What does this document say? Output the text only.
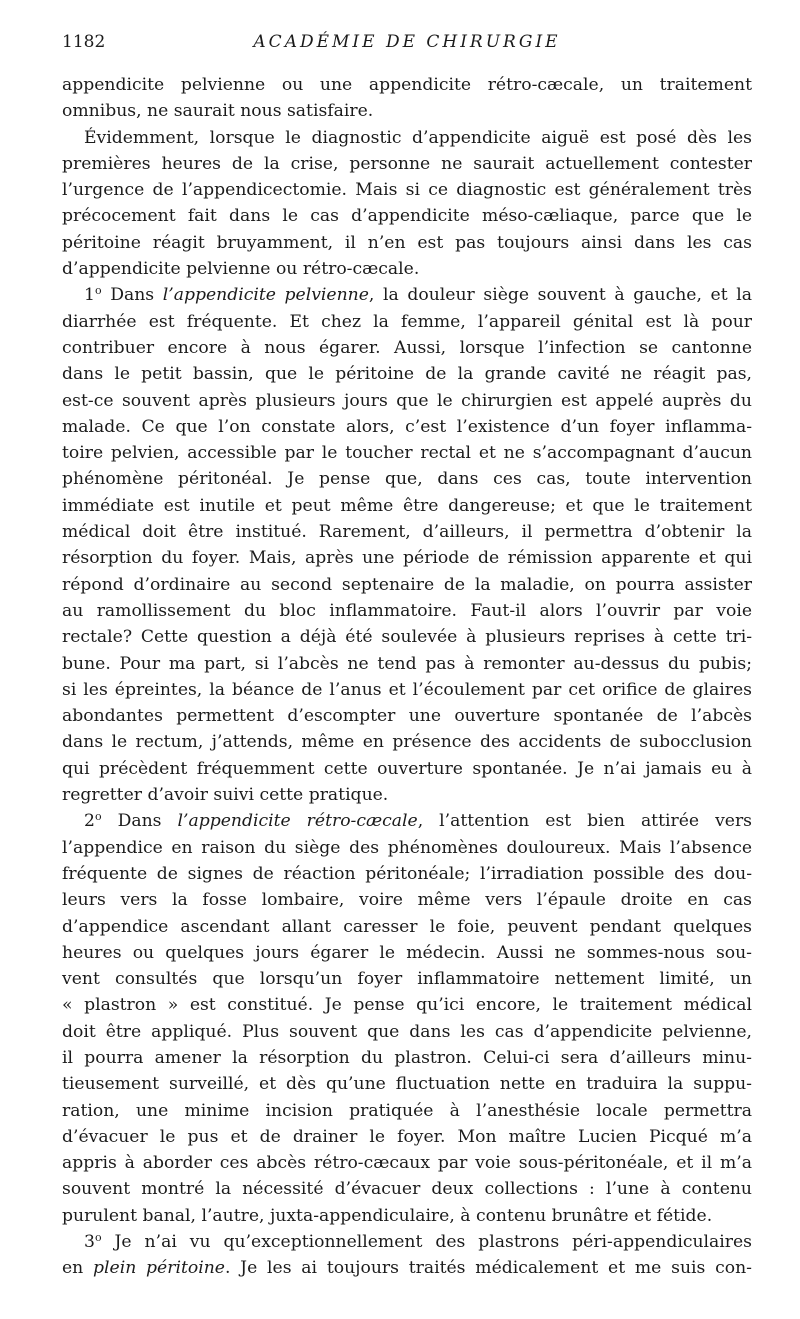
1182	ACADÉMIE DE CHIRURGIE
appendicite pelvienne ou une appendicite rétro-cæcale, un traitement
omnibus, ne saurait nous satisfaire.
Évidemment, lorsque le diagnostic d’appendicite aiguë est posé dès les
premières heures de la crise, personne ne saurait actuellement contester
l’urgence de l’appendicectomie. Mais si ce diagnostic est généralement très
précocement fait dans le cas d’appendicite méso-cæliaque, parce que le
péritoine réagit bruyamment, il n’en est pas toujours ainsi dans les cas
d’appendicite pelvienne ou rétro-cæcale.
1$^o$ Dans l’appendicite pelvienne, la douleur siège souvent à gauche, et la
diarrhée est fréquente. Et chez la femme, l’appareil génital est là pour
contribuer encore à nous égarer. Aussi, lorsque l’infection se cantonne
dans le petit bassin, que le péritoine de la grande cavité ne réagit pas,
est-ce souvent après plusieurs jours que le chirurgien est appelé auprès du
malade. Ce que l’on constate alors, c’est l’existence d’un foyer inflamma-
toire pelvien, accessible par le toucher rectal et ne s’accompagnant d’aucun
phénomène péritonéal. Je pense que, dans ces cas, toute intervention
immédiate est inutile et peut même être dangereuse; et que le traitement
médical doit être institué. Rarement, d’ailleurs, il permettra d’obtenir la
résorption du foyer. Mais, après une période de rémission apparente et qui
répond d’ordinaire au second septenaire de la maladie, on pourra assister
au ramollissement du bloc inflammatoire. Faut-il alors l’ouvrir par voie
rectale? Cette question a déjà été soulevée à plusieurs reprises à cette tri-
bune. Pour ma part, si l’abcès ne tend pas à remonter au-dessus du pubis;
si les épreintes, la béance de l’anus et l’écoulement par cet orifice de glaires
abondantes permettent d’escompter une ouverture spontanée de l’abcès
dans le rectum, j’attends, même en présence des accidents de subocclusion
qui précèdent fréquemment cette ouverture spontanée. Je n’ai jamais eu à
regretter d’avoir suivi cette pratique.
2$^o$ Dans l’appendicite rétro-cæcale, l’attention est bien attirée vers
l’appendice en raison du siège des phénomènes douloureux. Mais l’absence
fréquente de signes de réaction péritonéale; l’irradiation possible des dou-
leurs vers la fosse lombaire, voire même vers l’épaule droite en cas
d’appendice ascendant allant caresser le foie, peuvent pendant quelques
heures ou quelques jours égarer le médecin. Aussi ne sommes-nous sou-
vent consultés que lorsqu’un foyer inflammatoire nettement limité, un
« plastron » est constitué. Je pense qu’ici encore, le traitement médical
doit être appliqué. Plus souvent que dans les cas d’appendicite pelvienne,
il pourra amener la résorption du plastron. Celui-ci sera d’ailleurs minu-
tieusement surveillé, et dès qu’une fluctuation nette en traduira la suppu-
ration, une minime incision pratiquée à l’anesthésie locale permettra
d’évacuer le pus et de drainer le foyer. Mon maître Lucien Picqué m’a
appris à aborder ces abcès rétro-cæcaux par voie sous-péritonéale, et il m’a
souvent montré la nécessité d’évacuer deux collections : l’une à contenu
purulent banal, l’autre, juxta-appendiculaire, à contenu brunâtre et fétide.
3$^o$ Je n’ai vu qu’exceptionnellement des plastrons péri-appendiculaires
en plein péritoine. Je les ai toujours traités médicalement et me suis con-
